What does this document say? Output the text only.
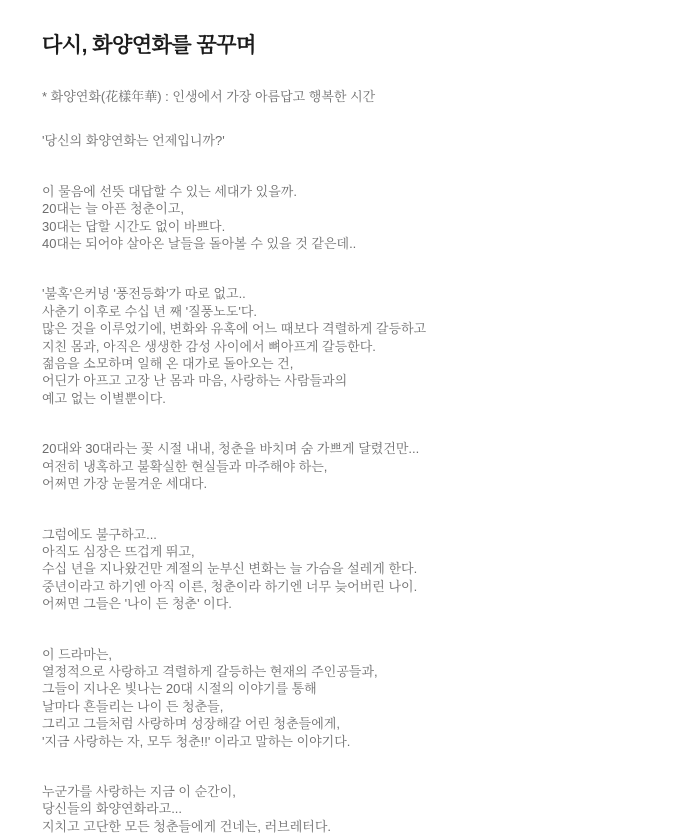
다시, 화양연화를 꿈꾸며

* 화양연화(花樣年華) : 인생에서 가장 아름답고 행복한 시간

'당신의 화양연화는 언제입니까?'

이 물음에 선뜻 대답할 수 있는 세대가 있을까.
20대는 늘 아픈 청춘이고,
30대는 답할 시간도 없이 바쁘다.
40대는 되어야 살아온 날들을 돌아볼 수 있을 것 같은데..

'불혹'은커녕 '풍전등화'가 따로 없고..
사춘기 이후로 수십 년 째 '질풍노도'다.
많은 것을 이루었기에, 변화와 유혹에 어느 때보다 격렬하게 갈등하고
지친 몸과, 아직은 생생한 감성 사이에서 뼈아프게 갈등한다.
젊음을 소모하며 일해 온 대가로 돌아오는 건,
어딘가 아프고 고장 난 몸과 마음, 사랑하는 사람들과의
예고 없는 이별뿐이다.

20대와 30대라는 꽃 시절 내내, 청춘을 바치며 숨 가쁘게 달렸건만...
여전히 냉혹하고 불확실한 현실들과 마주해야 하는,
어쩌면 가장 눈물겨운 세대다.

그럼에도 불구하고...
아직도 심장은 뜨겁게 뛰고,
수십 년을 지나왔건만 계절의 눈부신 변화는 늘 가슴을 설레게 한다.
중년이라고 하기엔 아직 이른, 청춘이라 하기엔 너무 늦어버린 나이.
어쩌면 그들은 '나이 든 청춘' 이다.

이 드라마는,
열정적으로 사랑하고 격렬하게 갈등하는 현재의 주인공들과,
그들이 지나온 빛나는 20대 시절의 이야기를 통해
날마다 흔들리는 나이 든 청춘들,
그리고 그들처럼 사랑하며 성장해갈 어린 청춘들에게,
'지금 사랑하는 자, 모두 청춘!!' 이라고 말하는 이야기다.

누군가를 사랑하는 지금 이 순간이,
당신들의 화양연화라고...
지치고 고단한 모든 청춘들에게 건네는, 러브레터다.
